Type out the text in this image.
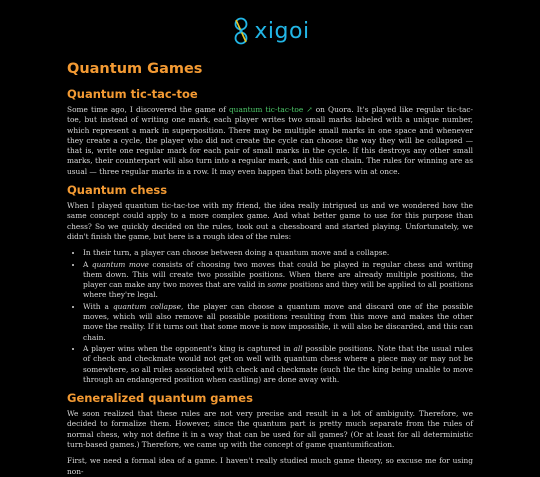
xigoi
Quantum Games
Quantum tic-tac-toe

Some time ago, I discovered the game of quantum tic-tac-toe ↗ on Quora. It's played like regular tic-tac-toe, but instead of writing one mark, each player writes two small marks labeled with a unique number, which represent a mark in superposition. There may be multiple small marks in one space and whenever they create a cycle, the player who did not create the cycle can choose the way they will be collapsed — that is, write one regular mark for each pair of small marks in the cycle. If this destroys any other small marks, their counterpart will also turn into a regular mark, and this can chain. The rules for winning are as usual — three regular marks in a row. It may even happen that both players win at once.

Quantum chess

When I played quantum tic-tac-toe with my friend, the idea really intrigued us and we wondered how the same concept could apply to a more complex game. And what better game to use for this purpose than chess? So we quickly decided on the rules, took out a chessboard and started playing. Unfortunately, we didn't finish the game, but here is a rough idea of the rules:

• In their turn, a player can choose between doing a quantum move and a collapse.
• A quantum move consists of choosing two moves that could be played in regular chess and writing them down. This will create two possible positions. When there are already multiple positions, the player can make any two moves that are valid in some positions and they will be applied to all positions where they're legal.
• With a quantum collapse, the player can choose a quantum move and discard one of the possible moves, which will also remove all possible positions resulting from this move and makes the other move the reality. If it turns out that some move is now impossible, it will also be discarded, and this can chain.
• A player wins when the opponent's king is captured in all possible positions. Note that the usual rules of check and checkmate would not get on well with quantum chess where a piece may or may not be somewhere, so all rules associated with check and checkmate (such the the king being unable to move through an endangered position when castling) are done away with.
Generalized quantum games

We soon realized that these rules are not very precise and result in a lot of ambiguity. Therefore, we decided to formalize them. However, since the quantum part is pretty much separate from the rules of normal chess, why not define it in a way that can be used for all games? (Or at least for all deterministic turn-based games.) Therefore, we came up with the concept of game quantumification.

First, we need a formal idea of a game. I haven't really studied much game theory, so excuse me for using non-
